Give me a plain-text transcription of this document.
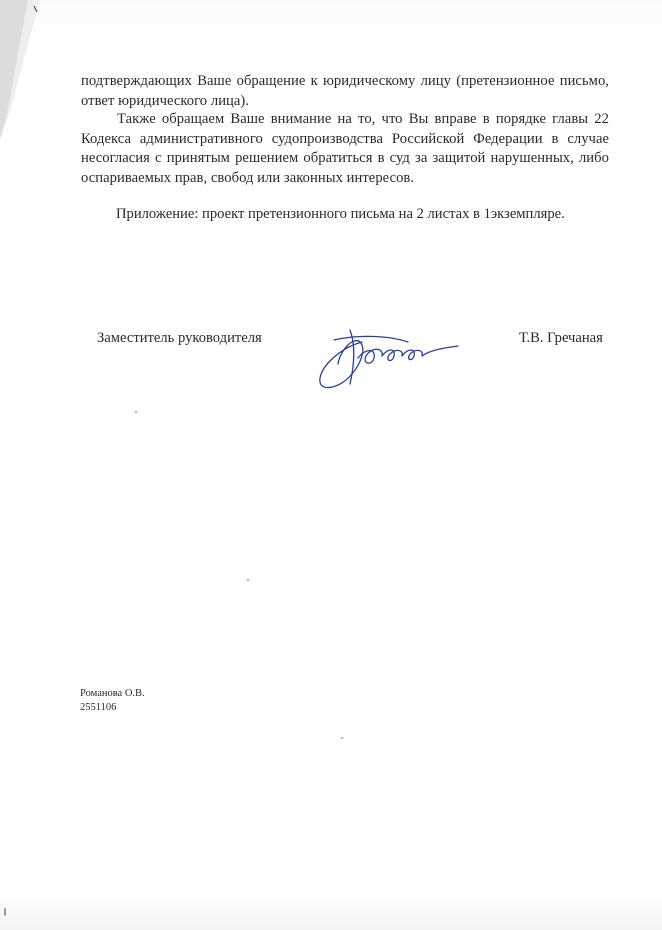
подтверждающих Ваше обращение к юридическому лицу (претензионное письмо, ответ юридического лица).
Также обращаем Ваше внимание на то, что Вы вправе в порядке главы 22 Кодекса административного судопроизводства Российской Федерации в случае несогласия с принятым решением обратиться в суд за защитой нарушенных, либо оспариваемых прав, свобод или законных интересов.
Приложение: проект претензионного письма на 2 листах в 1экземпляре.
Заместитель руководителя	Т.В. Гречаная
Романова О.В.
2551106
